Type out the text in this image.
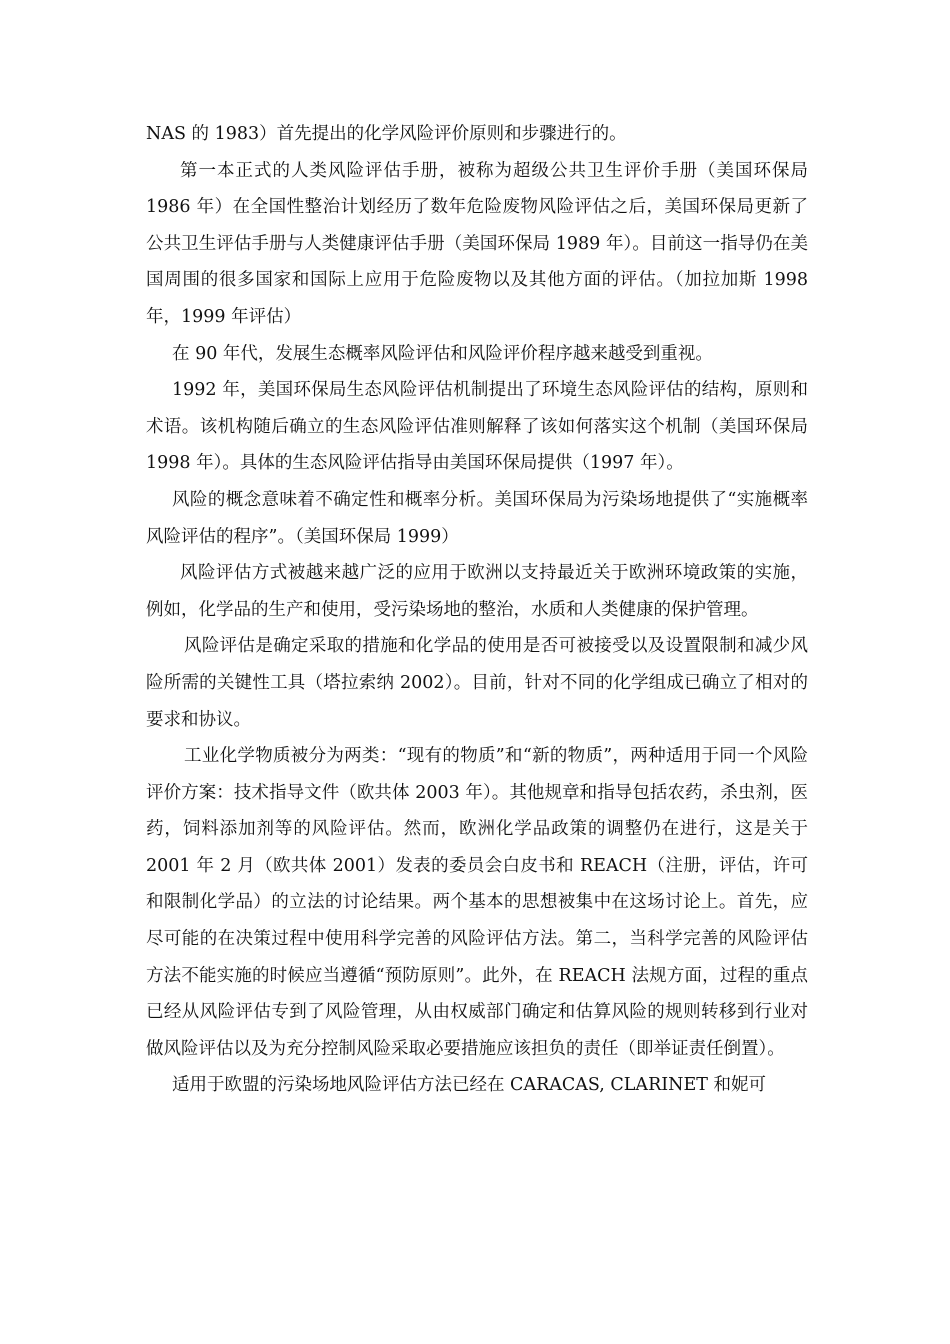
NAS 的 1983）首先提出的化学风险评价原则和步骤进行的。

第一本正式的人类风险评估手册，被称为超级公共卫生评价手册（美国环保局 1986 年）在全国性整治计划经历了数年危险废物风险评估之后，美国环保局更新了公共卫生评估手册与人类健康评估手册（美国环保局 1989 年）。目前这一指导仍在美国周围的很多国家和国际上应用于危险废物以及其他方面的评估。（加拉加斯 1998 年，1999 年评估）

在 90 年代，发展生态概率风险评估和风险评价程序越来越受到重视。

1992 年，美国环保局生态风险评估机制提出了环境生态风险评估的结构，原则和术语。该机构随后确立的生态风险评估准则解释了该如何落实这个机制（美国环保局 1998 年）。具体的生态风险评估指导由美国环保局提供（1997 年）。

风险的概念意味着不确定性和概率分析。美国环保局为污染场地提供了“实施概率风险评估的程序”。（美国环保局 1999）

风险评估方式被越来越广泛的应用于欧洲以支持最近关于欧洲环境政策的实施，例如，化学品的生产和使用，受污染场地的整治，水质和人类健康的保护管理。

风险评估是确定采取的措施和化学品的使用是否可被接受以及设置限制和减少风险所需的关键性工具（塔拉索纳 2002）。目前，针对不同的化学组成已确立了相对的要求和协议。

工业化学物质被分为两类：“现有的物质”和“新的物质”，两种适用于同一个风险评价方案：技术指导文件（欧共体 2003 年）。其他规章和指导包括农药，杀虫剂，医药，饲料添加剂等的风险评估。然而，欧洲化学品政策的调整仍在进行，这是关于 2001 年 2 月（欧共体 2001）发表的委员会白皮书和 REACH（注册，评估，许可和限制化学品）的立法的讨论结果。两个基本的思想被集中在这场讨论上。首先，应尽可能的在决策过程中使用科学完善的风险评估方法。第二，当科学完善的风险评估方法不能实施的时候应当遵循“预防原则”。此外，在 REACH 法规方面，过程的重点已经从风险评估专到了风险管理，从由权威部门确定和估算风险的规则转移到行业对做风险评估以及为充分控制风险采取必要措施应该担负的责任（即举证责任倒置）。

适用于欧盟的污染场地风险评估方法已经在 CARACAS, CLARINET 和妮可
